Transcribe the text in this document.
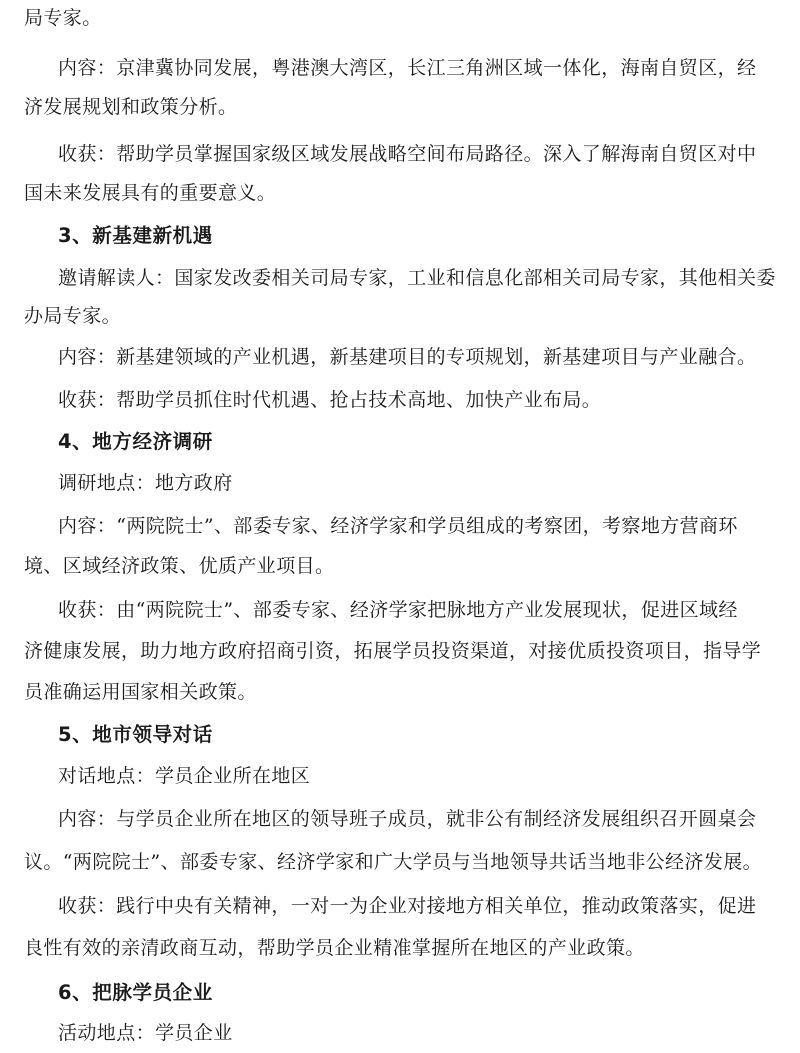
局专家。
内容：京津冀协同发展，粤港澳大湾区，长江三角洲区域一体化，海南自贸区，经
济发展规划和政策分析。
收获：帮助学员掌握国家级区域发展战略空间布局路径。深入了解海南自贸区对中
国未来发展具有的重要意义。
3、新基建新机遇
邀请解读人：国家发改委相关司局专家，工业和信息化部相关司局专家，其他相关委
办局专家。
内容：新基建领域的产业机遇，新基建项目的专项规划，新基建项目与产业融合。
收获：帮助学员抓住时代机遇、抢占技术高地、加快产业布局。
4、地方经济调研
调研地点：地方政府
内容：“两院院士”、部委专家、经济学家和学员组成的考察团，考察地方营商环
境、区域经济政策、优质产业项目。
收获：由“两院院士”、部委专家、经济学家把脉地方产业发展现状，促进区域经
济健康发展，助力地方政府招商引资，拓展学员投资渠道，对接优质投资项目，指导学
员准确运用国家相关政策。
5、地市领导对话
对话地点：学员企业所在地区
内容：与学员企业所在地区的领导班子成员，就非公有制经济发展组织召开圆桌会
议。“两院院士”、部委专家、经济学家和广大学员与当地领导共话当地非公经济发展。
收获：践行中央有关精神，一对一为企业对接地方相关单位，推动政策落实，促进
良性有效的亲清政商互动，帮助学员企业精准掌握所在地区的产业政策。
6、把脉学员企业
活动地点：学员企业
